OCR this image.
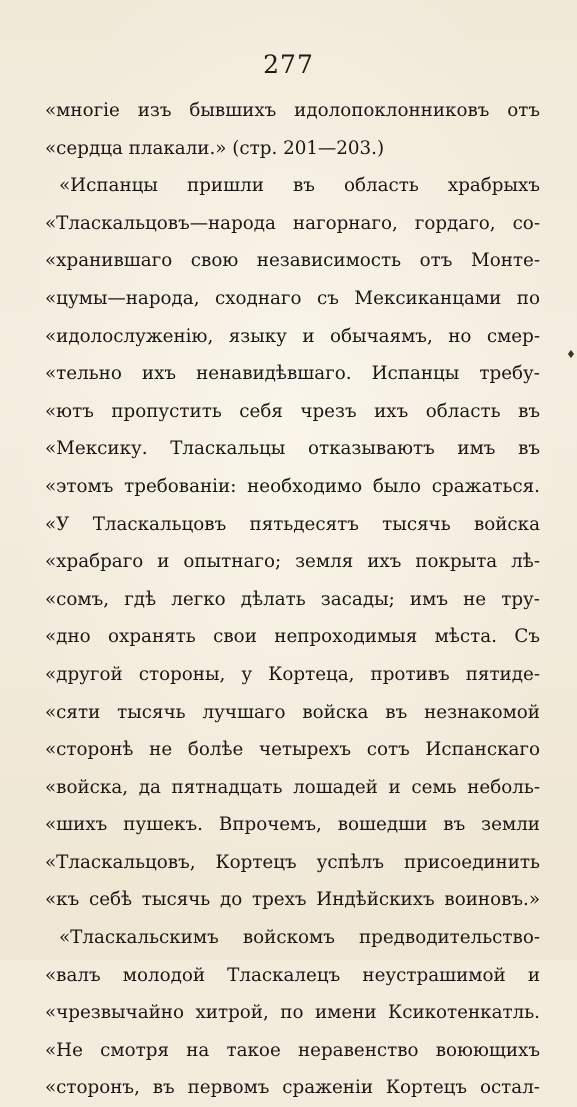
277
«многіе изъ бывшихъ идолопоклонниковъ отъ
«сердца плакали.» (стр. 201—203.)
«Испанцы пришли въ область храбрыхъ
«Тласкальцовъ—народа нагорнаго, гордаго, со-
«хранившаго свою независимость отъ Монте-
«цумы—народа, сходнаго съ Мексиканцами по
«идолослуженію, языку и обычаямъ, но смер-
«тельно ихъ ненавидѣвшаго. Испанцы требу-
«ютъ пропустить себя чрезъ ихъ область въ
«Мексику. Тласкальцы отказываютъ имъ въ
«этомъ требованіи: необходимо было сражаться.
«У Тласкальцовъ пятьдесятъ тысячь войска
«храбраго и опытнаго; земля ихъ покрыта лѣ-
«сомъ, гдѣ легко дѣлать засады; имъ не тру-
«дно охранять свои непроходимыя мѣста. Съ
«другой стороны, у Кортеца, противъ пятиде-
«сяти тысячь лучшаго войска въ незнакомой
«сторонѣ не болѣе четырехъ сотъ Испанскаго
«войска, да пятнадцать лошадей и семь неболь-
«шихъ пушекъ. Впрочемъ, вошедши въ земли
«Тласкальцовъ, Кортецъ успѣлъ присоединить
«къ себѣ тысячь до трехъ Индѣйскихъ воиновъ.»
«Тласкальскимъ войскомъ предводительство-
«валъ молодой Тласкалецъ неустрашимой и
«чрезвычайно хитрой, по имени Ксикотенкатль.
«Не смотря на такое неравенство воюющихъ
«сторонъ, въ первомъ сраженіи Кортецъ остал-
♦
